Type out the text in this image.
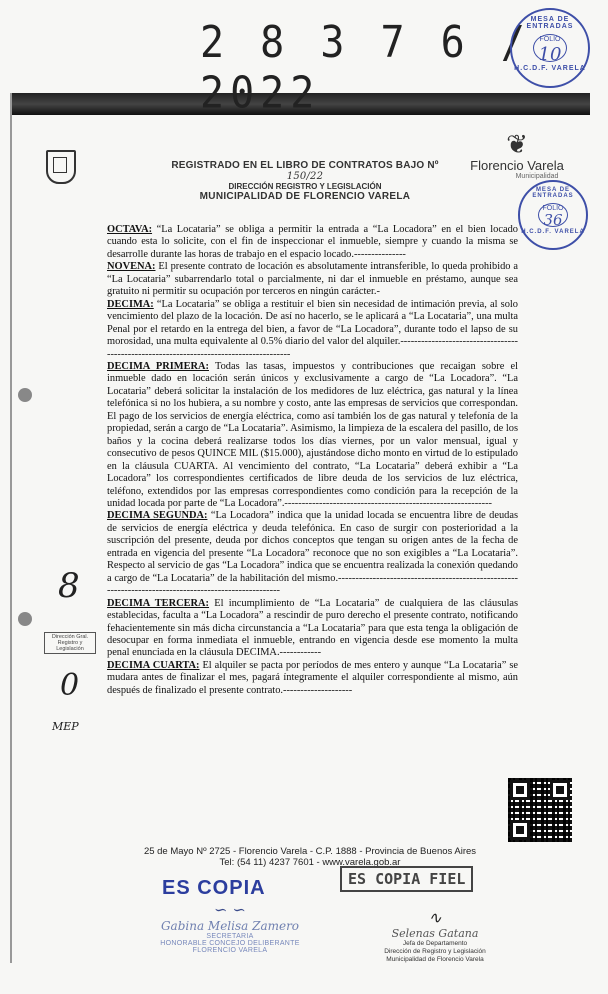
2 8 3 7 6 / 2022
MESA DE ENTRADAS
FOLIO
10
H.C.D.F. VARELA
MESA DE ENTRADAS
FOLIO
36
H.C.D.F. VARELA
REGISTRADO EN EL LIBRO DE CONTRATOS BAJO Nº 150/22
DIRECCIÓN REGISTRO Y LEGISLACIÓN
MUNICIPALIDAD DE FLORENCIO VARELA
❦
Florencio Varela
Municipalidad

OCTAVA: “La Locataria” se obliga a permitir la entrada a “La Locadora” en el bien locado cuando esta lo solicite, con el fin de inspeccionar el inmueble, siempre y cuando la misma se desarrolle durante las horas de trabajo en el espacio locado.---------------

NOVENA: El presente contrato de locación es absolutamente intransferible, lo queda prohibido a “La Locataria” subarrendarlo total o parcialmente, ni dar el inmueble en préstamo, aunque sea gratuito ni permitir su ocupación por terceros en ningún carácter.-

DECIMA: “La Locataria” se obliga a restituir el bien sin necesidad de intimación previa, al solo vencimiento del plazo de la locación. De así no hacerlo, se le aplicará a “La Locataria”, una multa Penal por el retardo en la entrega del bien, a favor de “La Locadora”, durante todo el lapso de su morosidad, una multa equivalente al 0.5% diario del valor del alquiler.---------------------------------------------------------------------------------------

DECIMA PRIMERA: Todas las tasas, impuestos y contribuciones que recaigan sobre el inmueble dado en locación serán únicos y exclusivamente a cargo de “La Locadora”. “La Locataria” deberá solicitar la instalación de los medidores de luz eléctrica, gas natural y la línea telefónica si no los hubiera, a su nombre y costo, ante las empresas de servicios que correspondan. El pago de los servicios de energía eléctrica, como así también los de gas natural y telefonía de la propiedad, serán a cargo de “La Locataria”. Asimismo, la limpieza de la escalera del pasillo, de los baños y la cocina deberá realizarse todos los días viernes, por un valor mensual, igual y consecutivo de pesos QUINCE MIL ($15.000), ajustándose dicho monto en virtud de lo estipulado en la cláusula CUARTA. Al vencimiento del contrato, “La Locataria” deberá exhibir a “La Locadora” los correspondientes certificados de libre deuda de los servicios de luz eléctrica, teléfono, extendidos por las empresas correspondientes como condición para la recepción de la unidad locada por parte de “La Locadora”.------------------------------------------------------------

DECIMA SEGUNDA: “La Locadora” indica que la unidad locada se encuentra libre de deudas de servicios de energía eléctrica y deuda telefónica. En caso de surgir con posterioridad a la suscripción del presente, deuda por dichos conceptos que tengan su origen antes de la fecha de entrada en vigencia del presente “La Locadora” reconoce que no son exigibles a “La Locataria”. Respecto al servicio de gas “La Locadora” indica que se encuentra realizada la conexión quedando a cargo de “La Locataria” de la habilitación del mismo.------------------------------------------------------------------------------------------------------

DECIMA TERCERA: El incumplimiento de “La Locataria” de cualquiera de las cláusulas establecidas, faculta a “La Locadora” a rescindir de puro derecho el presente contrato, notificando fehacientemente sin más dicha circunstancia a “La Locataria” para que esta tenga la obligación de desocupar en forma inmediata el inmueble, entrando en vigencia desde ese momento la multa penal enunciada en la cláusula DECIMA.------------

DECIMA CUARTA: El alquiler se pacta por períodos de mes entero y aunque “La Locataria” se mudara antes de finalizar el mes, pagará íntegramente el alquiler correspondiente al mismo, aún después de finalizado el presente contrato.--------------------

8
Dirección Gral. Registro y Legislación
0
MEP
25 de Mayo Nº 2725 - Florencio Varela - C.P. 1888 - Provincia de Buenos Aires
Tel: (54 11) 4237 7601 - www.varela.gob.ar
ES COPIA	ES COPIA FIEL
∽ ∽
Gabina Melisa Zamero
SECRETARIA
HONORABLE CONCEJO DELIBERANTE
FLORENCIO VARELA
∿
Selenas Gatana
Jefa de Departamento
Dirección de Registro y Legislación
Municipalidad de Florencio Varela
